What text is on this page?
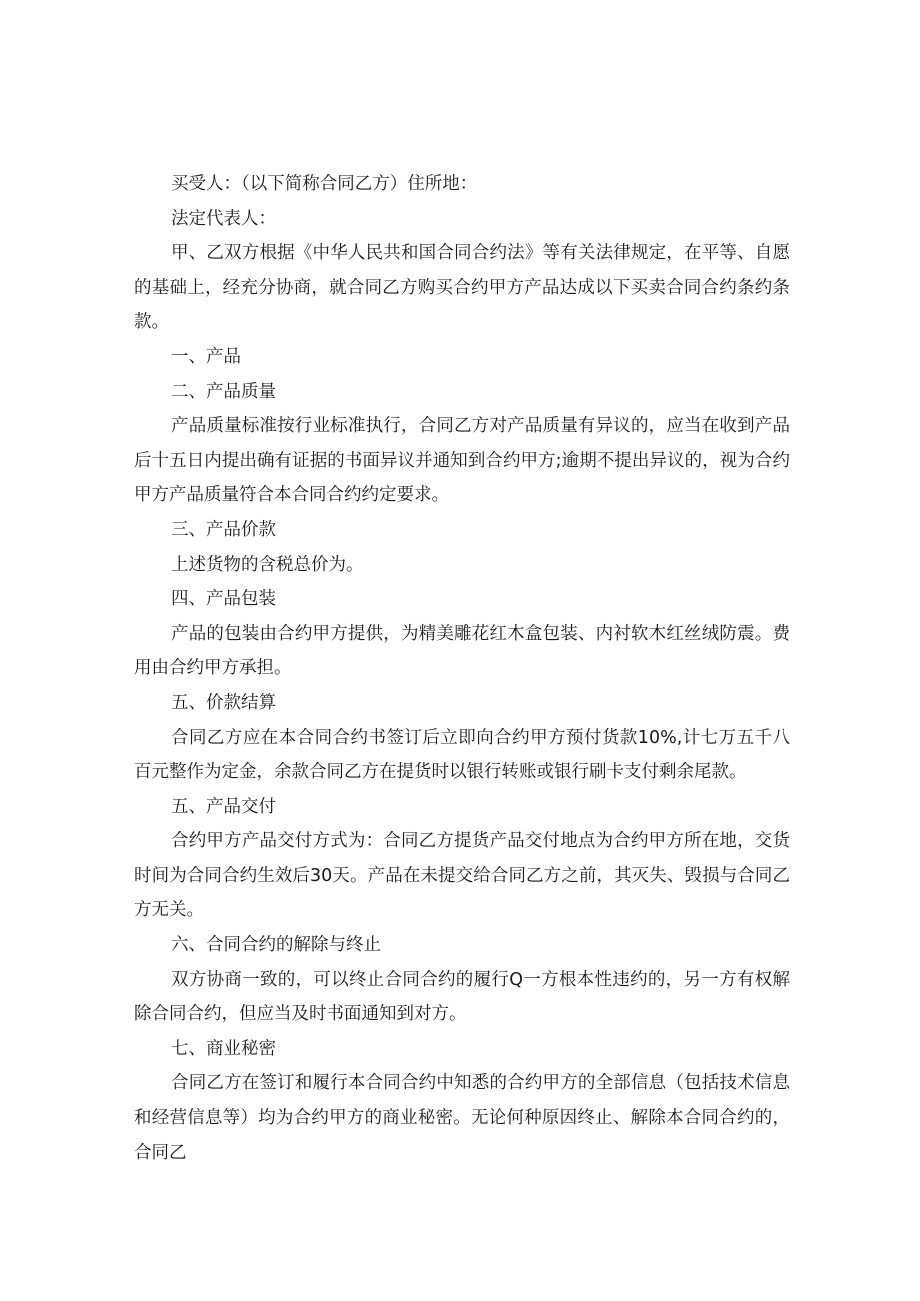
买受人：（以下简称合同乙方）住所地：

法定代表人：

甲、乙双方根据《中华人民共和国合同合约法》等有关法律规定，在平等、自愿的基础上，经充分协商，就合同乙方购买合约甲方产品达成以下买卖合同合约条约条款。

一、产品

二、产品质量

产品质量标准按行业标准执行，合同乙方对产品质量有异议的，应当在收到产品后十五日内提出确有证据的书面异议并通知到合约甲方;逾期不提出异议的，视为合约甲方产品质量符合本合同合约约定要求。

三、产品价款

上述货物的含税总价为。

四、产品包装

产品的包装由合约甲方提供，为精美雕花红木盒包装、内衬软木红丝绒防震。费用由合约甲方承担。

五、价款结算

合同乙方应在本合同合约书签订后立即向合约甲方预付货款10%,计七万五千八百元整作为定金，余款合同乙方在提货时以银行转账或银行刷卡支付剩余尾款。

五、产品交付

合约甲方产品交付方式为：合同乙方提货产品交付地点为合约甲方所在地，交货时间为合同合约生效后30天。产品在未提交给合同乙方之前，其灭失、毁损与合同乙方无关。

六、合同合约的解除与终止

双方协商一致的，可以终止合同合约的履行Q一方根本性违约的，另一方有权解除合同合约，但应当及时书面通知到对方。

七、商业秘密

合同乙方在签订和履行本合同合约中知悉的合约甲方的全部信息（包括技术信息和经营信息等）均为合约甲方的商业秘密。无论何种原因终止、解除本合同合约的，合同乙
